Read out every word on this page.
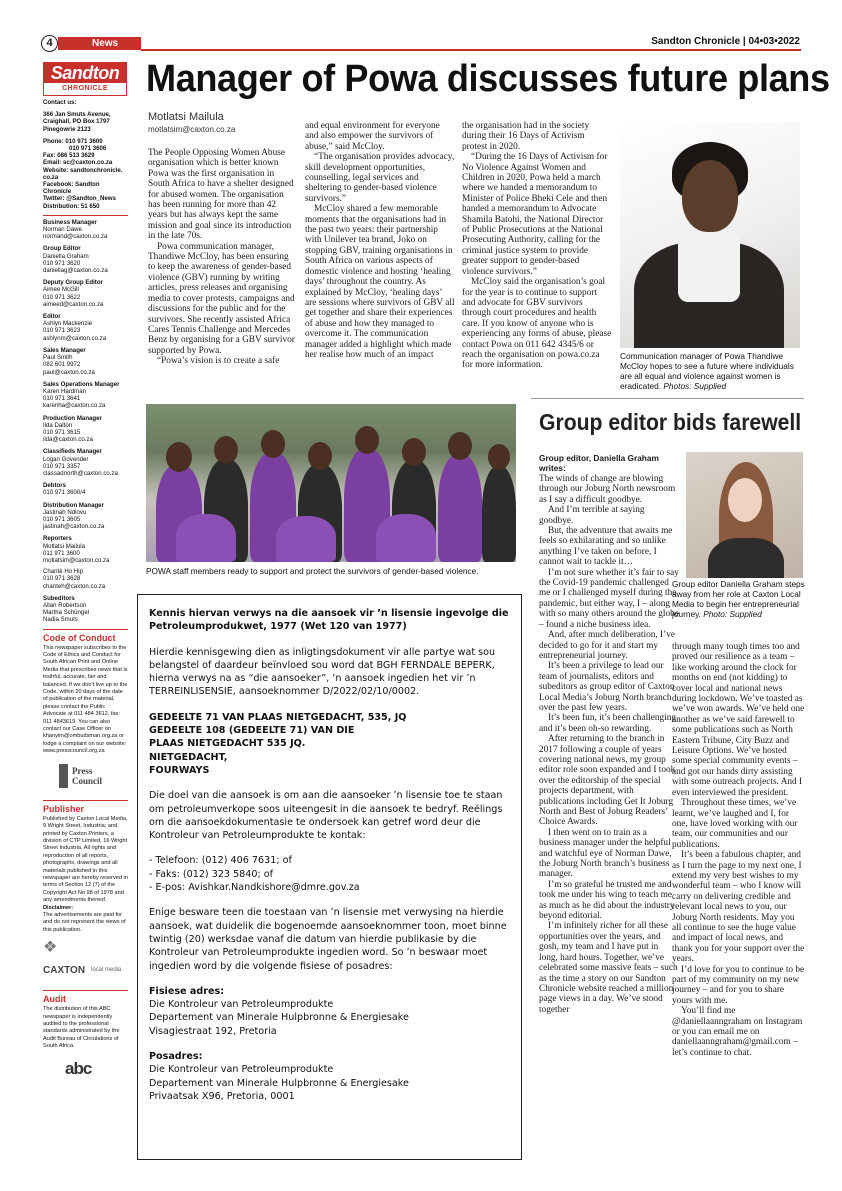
4	News	Sandton Chronicle | 04•03•2022
Sandton
CHRONICLE
Contact us:
366 Jan Smuts Avenue,
Craighall, PO Box 1797
Pinegowrie 2123
Phone: 010 971 3600
010 971 3606
Fax: 086 513 3629
Email: sc@caxton.co.za
Website: sandtonchronicle.
co.za
Facebook: Sandton
Chronicle
Twitter: @Sandton_News
Distribution: 51 650
Business Manager
Norman Dawe
normand@caxton.co.za
Group Editor
Daniella Graham
010 971 3620
daniellag@caxton.co.za
Deputy Group Editor
Aimee McGill
010 971 3622
aimeed@caxton.co.za
Editor
Ashlyn Mackenzie
010 971 3623
ashlynm@caxton.co.za
Sales Manager
Paul Smith
082 601 9972
paul@caxton.co.za
Sales Operations Manager
Karen Hardman
010 971 3641
karenha@caxton.co.za
Production Manager
Ilda Dalton
010 971 3615
ilda@caxton.co.za
Classifieds Manager
Logan Govender
010 971 3357
classadnorth@caxton.co.za
Debtors
010 971 3600/4
Distribution Manager
Jastinah Ndlovu
010 971 3605
jastinah@caxton.co.za
Reporters
Motlatsi Mailula
011 971 3600
motlatsim@caxton.co.za
Chantè Ho Hip
010 971 3628
chanteh@caxton.co.za
Subeditors
Allan Robertson
Martha Schüngel
Nadia Smuts
Code of Conduct
This newspaper subscribes to the Code of Ethics and Conduct for South African Print and Online Media that prescribes news that is truthful, accurate, fair and balanced. If we don't live up to the Code, within 20 days of the date of publication of the material, please contact the Public Advocate at 011 484 3612, fax: 011 4843619. You can also contact our Case Officer on khanyim@ombudsman.org.za or lodge a complaint on our website: www.presscouncil.org.za
Press
Council
Publisher
Published by Caxton Local Media, 9 Wright Street, Industria; and printed by Caxton Printers, a division of CTP Limited, 16 Wright Street Industria. All rights and reproduction of all reports, photographs, drawings and all materials published in this newspaper are hereby reserved in terms of Section 12 (7) of the Copyright Act No 98 of 1978 and any amendments thereof.
Disclaimer:
The advertisements are paid for and do not represent the views of this publication.
❖
CAXTON local media
Audit
The distribution of this ABC newspaper is independently audited to the professional standards administrated by the Audit Bureau of Circulations of South Africa.
abc
Manager of Powa discusses future plans
Motlatsi Mailula
motlatsim@caxton.co.za

The People Opposing Women Abuse organisation which is better known Powa was the first organisation in South Africa to have a shelter designed for abused women. The organisation has been running for more than 42 years but has always kept the same mission and goal since its introduction in the late 70s.

Powa communication manager, Thandiwe McCloy, has been ensuring to keep the awareness of gender-based violence (GBV) running by writing articles, press releases and organising media to cover protests, campaigns and discussions for the public and for the survivors. She recently assisted Africa Cares Tennis Challenge and Mercedes Benz by organising for a GBV survivor supported by Powa.

“Powa’s vision is to create a safe

and equal environment for everyone and also empower the survivors of abuse,” said McCloy.

“The organisation provides advocacy, skill development opportunities, counselling, legal services and sheltering to gender-based violence survivors.”

McCloy shared a few memorable moments that the organisations had in the past two years: their partnership with Unilever tea brand, Joko on stopping GBV, training organisations in South Africa on various aspects of domestic violence and hosting ‘healing days’ throughout the country. As explained by McCloy, ‘healing days’ are sessions where survivors of GBV all get together and share their experiences of abuse and how they managed to overcome it. The communication manager added a highlight which made her realise how much of an impact

the organisation had in the society during their 16 Days of Activism protest in 2020.

“During the 16 Days of Activism for No Violence Against Women and Children in 2020, Powa held a march where we handed a memorandum to Minister of Police Bheki Cele and then handed a memorandum to Advocate Shamila Batohi, the National Director of Public Prosecutions at the National Prosecuting Authority, calling for the criminal justice system to provide greater support to gender-based violence survivors.”

McCloy said the organisation’s goal for the year is to continue to support and advocate for GBV survivors through court procedures and health care. If you know of anyone who is experiencing any forms of abuse, please contact Powa on 011 642 4345/6 or reach the organisation on powa.co.za for more information.

Communication manager of Powa Thandiwe McCloy hopes to see a future where individuals are all equal and violence against women is eradicated. Photos: Supplied
POWA staff members ready to support and protect the survivors of gender-based violence.
Group editor bids farewell
Group editor, Daniella Graham writes:

The winds of change are blowing through our Joburg North newsroom as I say a difficult goodbye.

And I’m terrible at saying goodbye.

But, the adventure that awaits me feels so exhilarating and so unlike anything I’ve taken on before, I cannot wait to tackle it…

I’m not sure whether it’s fair to say the Covid-19 pandemic challenged me or I challenged myself during the pandemic, but either way, I – along with so many others around the globe – found a niche business idea.

And, after much deliberation, I’ve decided to go for it and start my entrepreneurial journey.

It’s been a privilege to lead our team of journalists, editors and subeditors as group editor of Caxton Local Media’s Joburg North branch over the past few years.

It’s been fun, it’s been challenging and it’s been oh-so rewarding.

After returning to the branch in 2017 following a couple of years covering national news, my group editor role soon expanded and I took over the editorship of the special projects department, with publications including Get It Joburg North and Best of Joburg Readers’ Choice Awards.

I then went on to train as a business manager under the helpful and watchful eye of Norman Dawe, the Joburg North branch’s business manager.

I’m so grateful he trusted me and took me under his wing to teach me as much as he did about the industry beyond editorial.

I’m infinitely richer for all these opportunities over the years, and gosh, my team and I have put in long, hard hours. Together, we’ve celebrated some massive feats – such as the time a story on our Sandton Chronicle website reached a million page views in a day. We’ve stood together

Group editor Daniella Graham steps away from her role at Caxton Local Media to begin her entrepreneurial journey. Photo: Supplied

through many tough times too and proved our resilience as a team – like working around the clock for months on end (not kidding) to cover local and national news during lockdown. We’ve toasted as we’ve won awards. We’ve held one another as we’ve said farewell to some publications such as North Eastern Tribune, City Buzz and Leisure Options. We’ve hosted some special community events – and got our hands dirty assisting with some outreach projects. And I even interviewed the president.

Throughout these times, we’ve learnt, we’ve laughed and I, for one, have loved working with our team, our communities and our publications.

It’s been a fabulous chapter, and as I turn the page to my next one, I extend my very best wishes to my wonderful team – who I know will carry on delivering credible and relevant local news to you, our Joburg North residents. May you all continue to see the huge value and impact of local news, and thank you for your support over the years.

I’d love for you to continue to be part of my community on my new journey – and for you to share yours with me.

You’ll find me @daniellaanngraham on Instagram or you can email me on daniellaanngraham@gmail.com – let’s continue to chat.

Kennis hiervan verwys na die aansoek vir ’n lisensie ingevolge die Petroleumprodukwet, 1977 (Wet 120 van 1977)

Hierdie kennisgewing dien as inligtingsdokument vir alle partye wat sou belangstel of daardeur beïnvloed sou word dat BGH FERNDALE BEPERK, hierna verwys na as “die aansoeker”, ’n aansoek ingedien het vir ’n TERREINLISENSIE, aansoeknommer D/2022/02/10/0002.

GEDEELTE 71 VAN PLAAS NIETGEDACHT, 535, JQ
GEDEELTE 108 (GEDEELTE 71) VAN DIE
PLAAS NIETGEDACHT 535 JQ.
NIETGEDACHT,
FOURWAYS

Die doel van die aansoek is om aan die aansoeker ’n lisensie toe te staan om petroleumverkope soos uiteengesit in die aansoek te bedryf. Reëlings om die aansoekdokumentasie te ondersoek kan getref word deur die Kontroleur van Petroleumprodukte te kontak:

- Telefoon: (012) 406 7631; of
- Faks: (012) 323 5840; of
- E-pos: Avishkar.Nandkishore@dmre.gov.za

Enige besware teen die toestaan van ’n lisensie met verwysing na hierdie aansoek, wat duidelik die bogenoemde aansoeknommer toon, moet binne twintig (20) werksdae vanaf die datum van hierdie publikasie by die Kontroleur van Petroleumprodukte ingedien word. So ’n beswaar moet ingedien word by die volgende fisiese of posadres:

Fisiese adres:

Die Kontroleur van Petroleumprodukte
Departement van Minerale Hulpbronne & Energiesake
Visagiestraat 192, Pretoria

Posadres:

Die Kontroleur van Petroleumprodukte
Departement van Minerale Hulpbronne & Energiesake
Privaatsak X96, Pretoria, 0001
